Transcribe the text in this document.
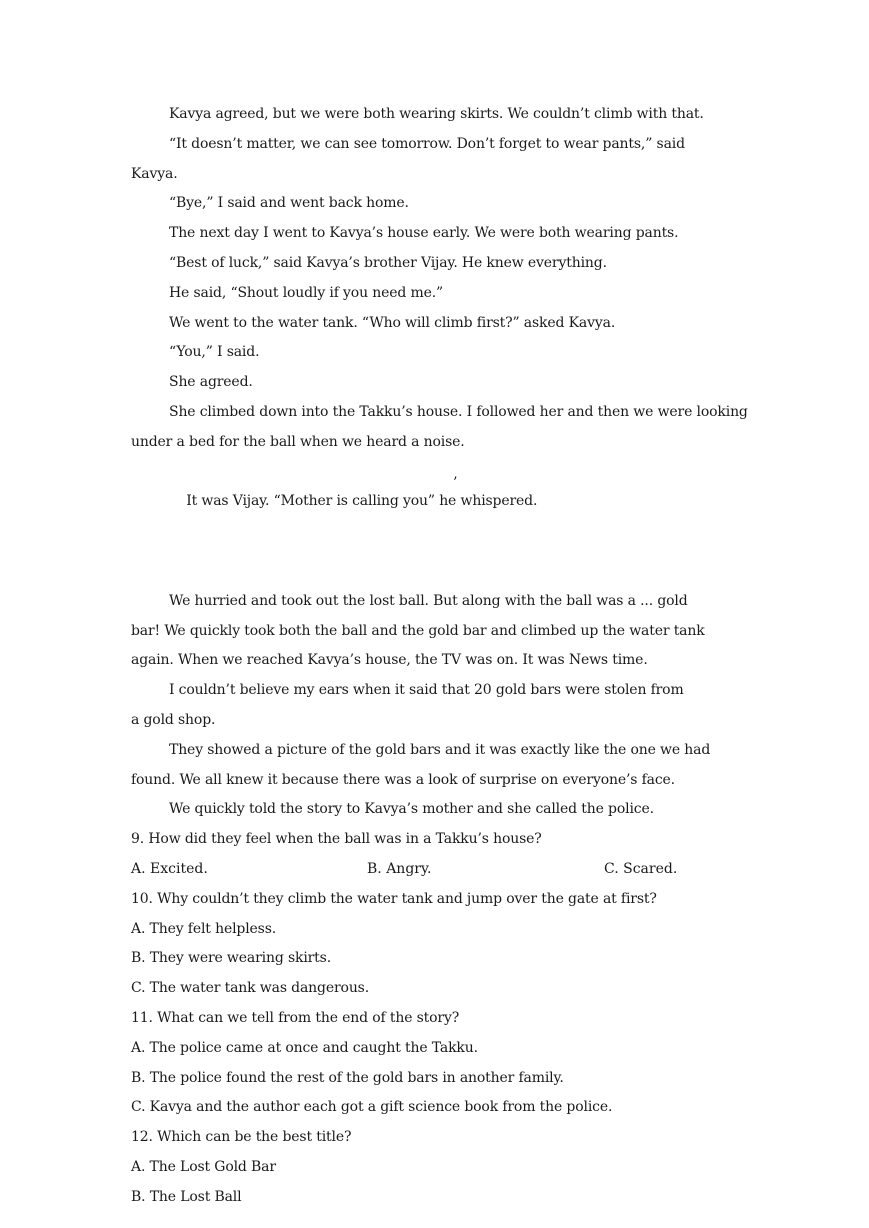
Kavya agreed, but we were both wearing skirts. We couldn’t climb with that.
“It doesn’t matter, we can see tomorrow. Don’t forget to wear pants,” said
Kavya.
“Bye,” I said and went back home.
The next day I went to Kavya’s house early. We were both wearing pants.
“Best of luck,” said Kavya’s brother Vijay. He knew everything.
He said, “Shout loudly if you need me.”
We went to the water tank. “Who will climb first?” asked Kavya.
“You,” I said.
She agreed.
She climbed down into the Takku’s house. I followed her and then we were looking
under a bed for the ball when we heard a noise.

It was Vijay. “Mother is calling you” he whispered.

’

We hurried and took out the lost ball. But along with the ball was a ... gold
bar! We quickly took both the ball and the gold bar and climbed up the water tank
again. When we reached Kavya’s house, the TV was on. It was News time.
I couldn’t believe my ears when it said that 20 gold bars were stolen from
a gold shop.
They showed a picture of the gold bars and it was exactly like the one we had
found. We all knew it because there was a look of surprise on everyone’s face.
We quickly told the story to Kavya’s mother and she called the police.
9. How did they feel when the ball was in a Takku’s house?
A. Excited.	B. Angry.	C. Scared.
10. Why couldn’t they climb the water tank and jump over the gate at first?
A. They felt helpless.
B. They were wearing skirts.
C. The water tank was dangerous.
11. What can we tell from the end of the story?
A. The police came at once and caught the Takku.
B. The police found the rest of the gold bars in another family.
C. Kavya and the author each got a gift science book from the police.
12. Which can be the best title?
A. The Lost Gold Bar
B. The Lost Ball
